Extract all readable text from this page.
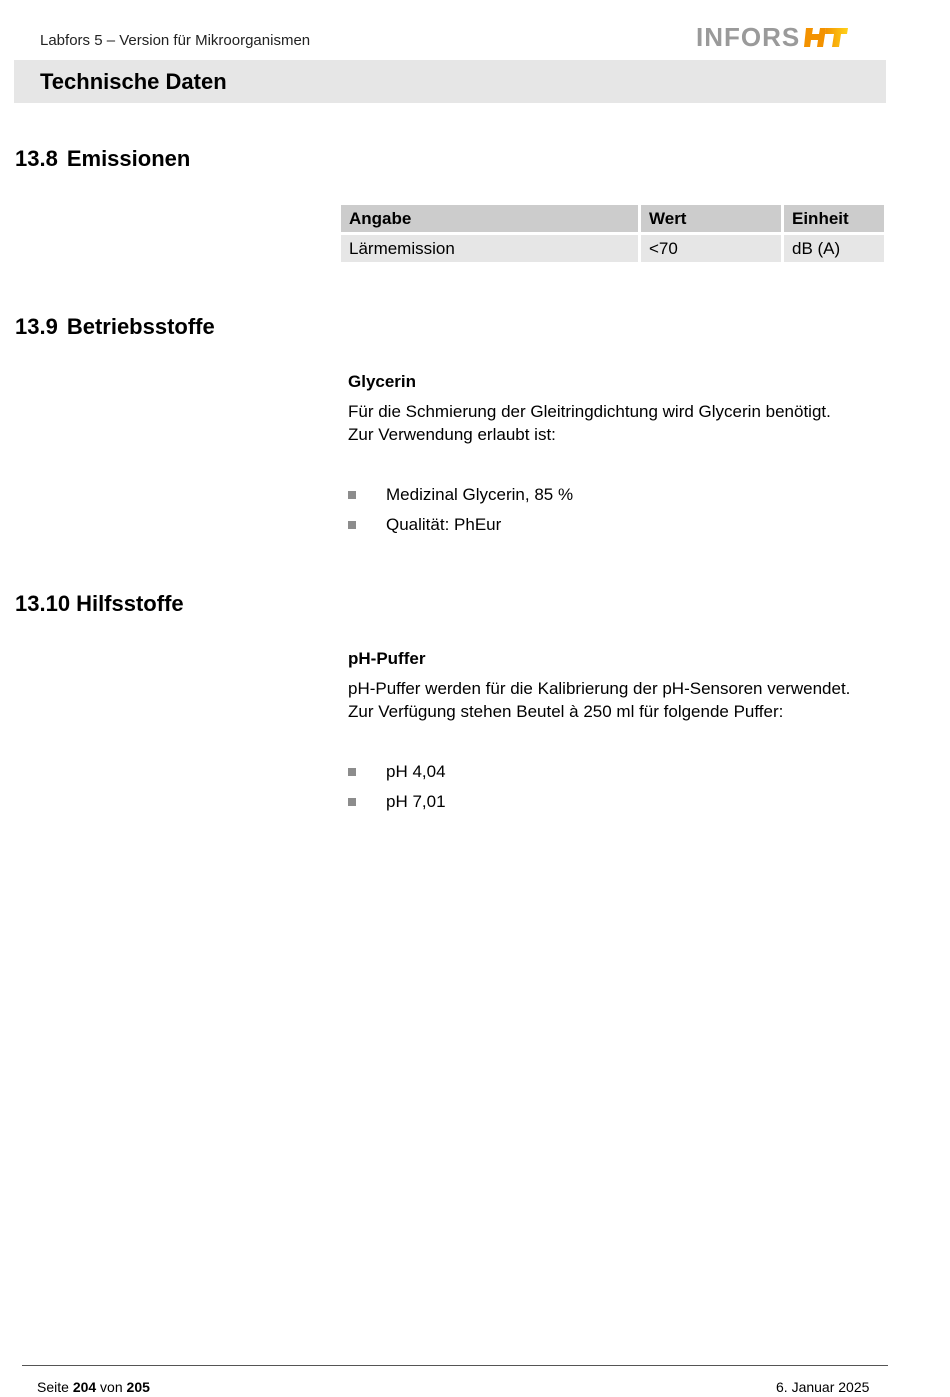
Labfors 5 – Version für Mikroorganismen	INFORS	HT
Technische Daten
13.8 Emissionen
Angabe	Wert	Einheit
Lärmemission	<70	dB (A)
13.9 Betriebsstoffe
Glycerin
Für die Schmierung der Gleitringdichtung wird Glycerin benötigt.
Zur Verwendung erlaubt ist:
Medizinal Glycerin, 85 %
Qualität: PhEur
13.10 Hilfsstoffe
pH-Puffer
pH-Puffer werden für die Kalibrierung der pH-Sensoren verwendet.
Zur Verfügung stehen Beutel à 250 ml für folgende Puffer:
pH 4,04
pH 7,01
Seite 204 von 205	6. Januar 2025
